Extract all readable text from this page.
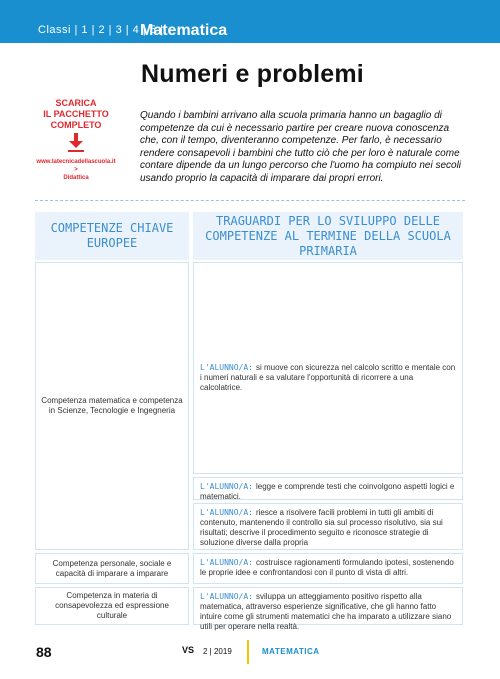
Classi | 1 | 2 | 3 | 4 | 5 |
Matematica
Numeri e problemi
SCARICA
IL PACCHETTO
COMPLETO
www.latecnicadellascuola.it >
Didattica
Quando i bambini arrivano alla scuola primaria hanno un bagaglio di competenze da cui è necessario partire per creare nuova conoscenza che, con il tempo, diventeranno competenze. Per farlo, è necessario rendere consapevoli i bambini che tutto ciò che per loro è naturale come contare dipende da un lungo percorso che l'uomo ha compiuto nei secoli usando proprio la capacità di imparare dai propri errori.
COMPETENZE CHIAVE EUROPEE
TRAGUARDI PER LO SVILUPPO DELLE COMPETENZE AL TERMINE DELLA SCUOLA PRIMARIA
Competenza matematica e competenza in Scienze, Tecnologie e Ingegneria
Competenza personale, sociale e capacità di imparare a imparare
Competenza in materia di consapevolezza ed espressione culturale
L'ALUNNO/A: si muove con sicurezza nel calcolo scritto e mentale con i numeri naturali e sa valutare l'opportunità di ricorrere a una calcolatrice.
L'ALUNNO/A: legge e comprende testi che coinvolgono aspetti logici e matematici.
L'ALUNNO/A: riesce a risolvere facili problemi in tutti gli ambiti di contenuto, mantenendo il controllo sia sul processo risolutivo, sia sui risultati; descrive il procedimento seguito e riconosce strategie di soluzione diverse dalla propria
L'ALUNNO/A: costruisce ragionamenti formulando ipotesi, sostenendo le proprie idee e confrontandosi con il punto di vista di altri.
L'ALUNNO/A: sviluppa un atteggiamento positivo rispetto alla matematica, attraverso esperienze significative, che gli hanno fatto intuire come gli strumenti matematici che ha imparato a utilizzare siano utili per operare nella realtà.
88	VS 2 | 2019	MATEMATICA
